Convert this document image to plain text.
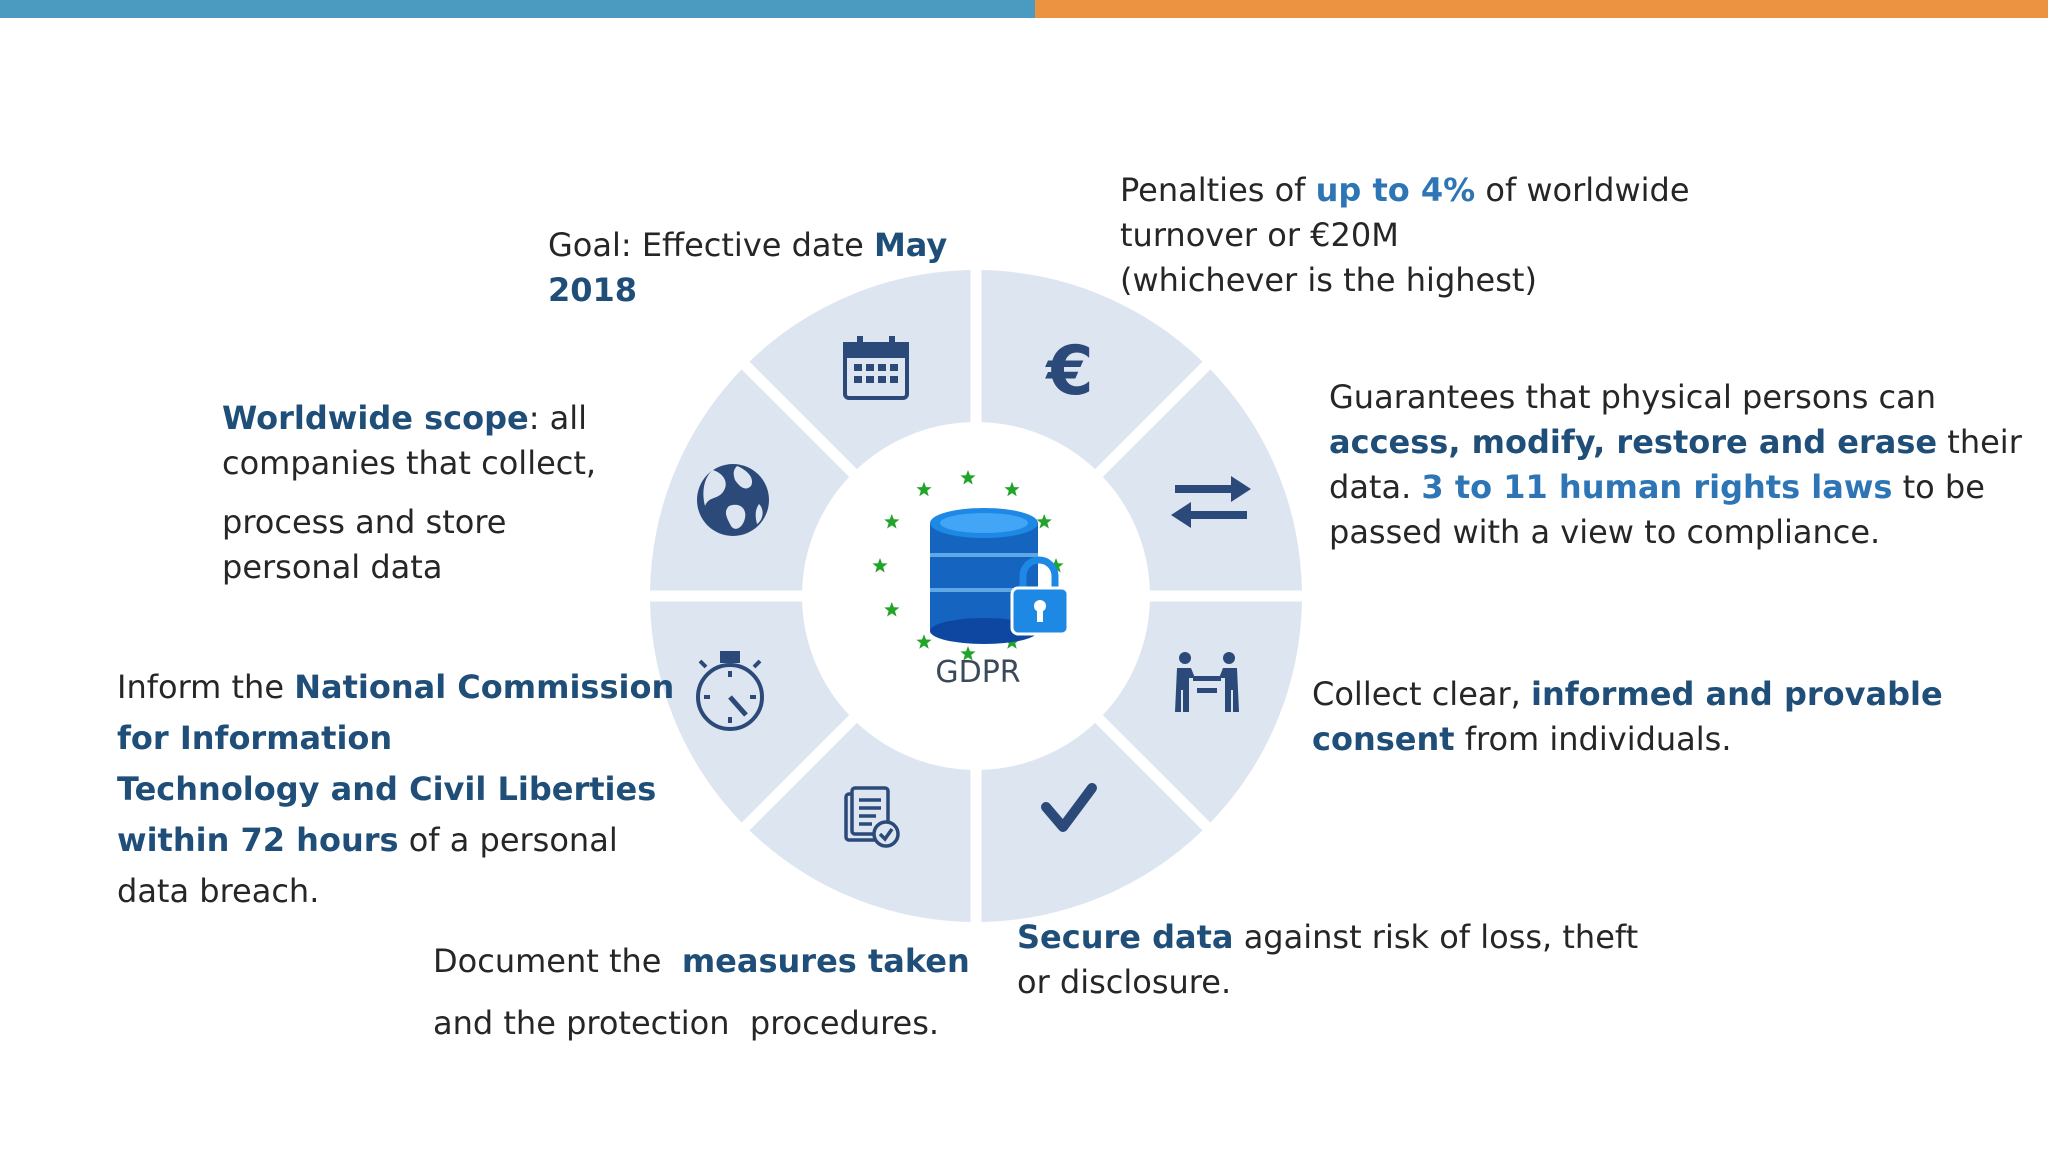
€
GDPR

Goal: Effective date May

2018

Penalties of up to 4% of worldwide

turnover or €20M

(whichever is the highest)

Worldwide scope: all

companies that collect,

process and store

personal data

Guarantees that physical persons can

access, modify, restore and erase their

data. 3 to 11 human rights laws to be

passed with a view to compliance.

Inform the National Commission

for Information

Technology and Civil Liberties

within 72 hours of a personal

data breach.

Collect clear, informed and provable

consent from individuals.

Document the  measures taken

and the protection  procedures.

Secure data against risk of loss, theft

or disclosure.
